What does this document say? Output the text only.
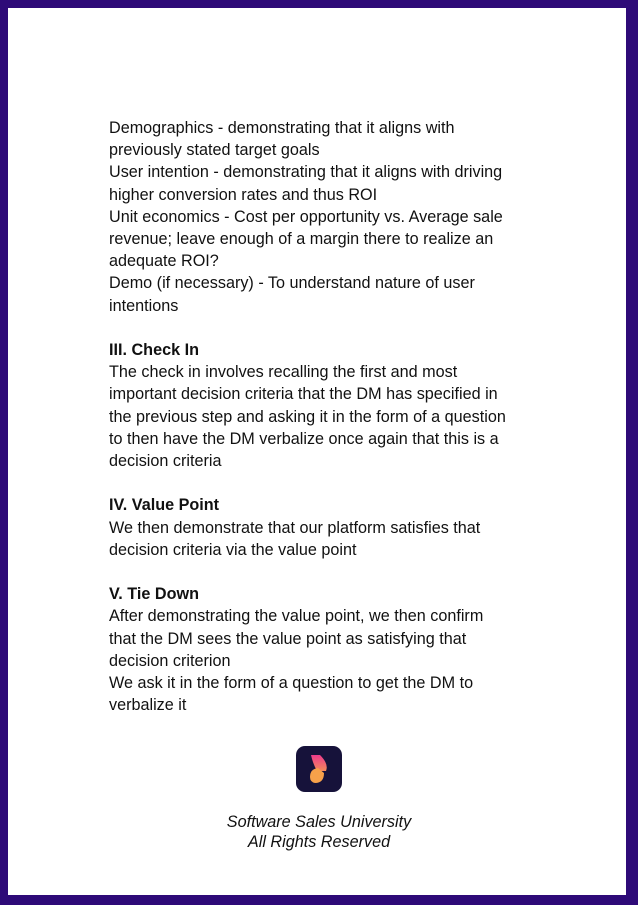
Demographics - demonstrating that it aligns with

previously stated target goals

User intention - demonstrating that it aligns with driving

higher conversion rates and thus ROI

Unit economics - Cost per opportunity vs. Average sale

revenue; leave enough of a margin there to realize an

adequate ROI?

Demo (if necessary) - To understand nature of user

intentions

III. Check In

The check in involves recalling the first and most

important decision criteria that the DM has specified in

the previous step and asking it in the form of a question

to then have the DM verbalize once again that this is a

decision criteria

IV. Value Point

We then demonstrate that our platform satisfies that

decision criteria via the value point

V. Tie Down

After demonstrating the value point, we then confirm

that the DM sees the value point as satisfying that

decision criterion

We ask it in the form of a question to get the DM to

verbalize it

Software Sales University
All Rights Reserved
